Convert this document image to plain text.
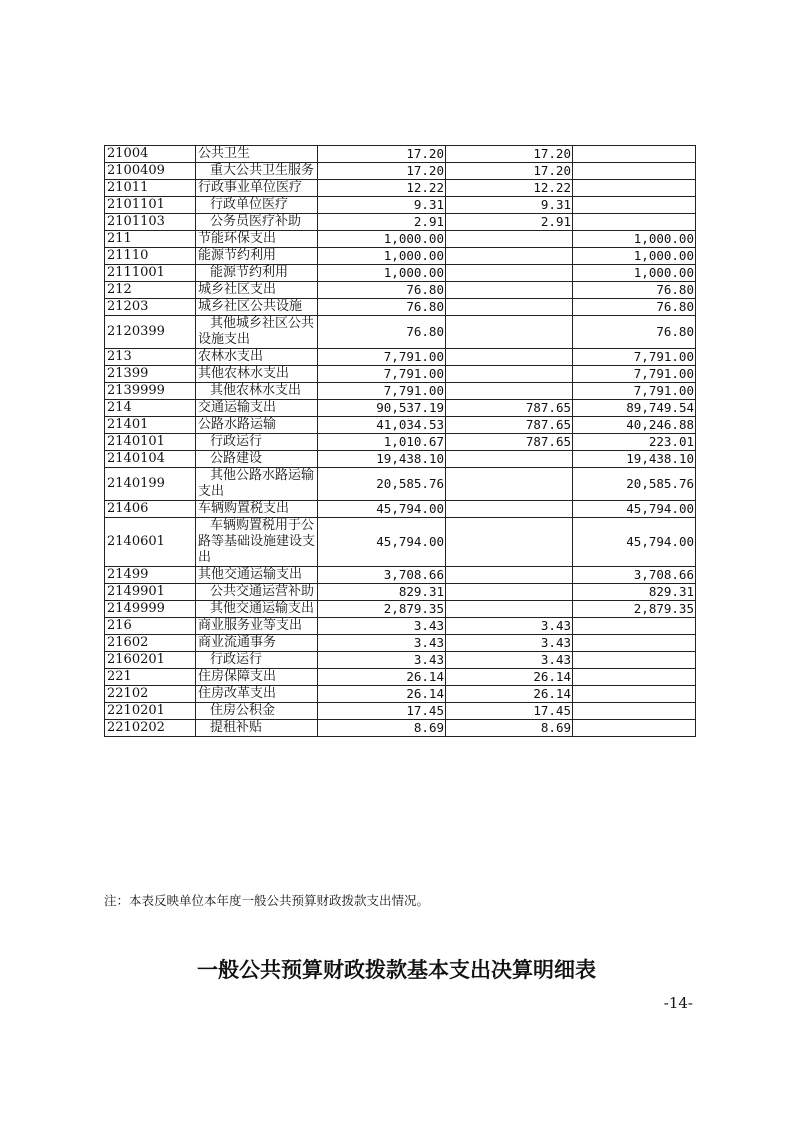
21004	公共卫生	17.20	17.20	
2100409	重大公共卫生服务	17.20	17.20	
21011	行政事业单位医疗	12.22	12.22	
2101101	行政单位医疗	9.31	9.31	
2101103	公务员医疗补助	2.91	2.91	
211	节能环保支出	1,000.00		1,000.00
21110	能源节约利用	1,000.00		1,000.00
2111001	能源节约利用	1,000.00		1,000.00
212	城乡社区支出	76.80		76.80
21203	城乡社区公共设施	76.80		76.80
2120399	其他城乡社区公共设施支出	76.80		76.80
213	农林水支出	7,791.00		7,791.00
21399	其他农林水支出	7,791.00		7,791.00
2139999	其他农林水支出	7,791.00		7,791.00
214	交通运输支出	90,537.19	787.65	89,749.54
21401	公路水路运输	41,034.53	787.65	40,246.88
2140101	行政运行	1,010.67	787.65	223.01
2140104	公路建设	19,438.10		19,438.10
2140199	其他公路水路运输支出	20,585.76		20,585.76
21406	车辆购置税支出	45,794.00		45,794.00
2140601	车辆购置税用于公路等基础设施建设支出	45,794.00		45,794.00
21499	其他交通运输支出	3,708.66		3,708.66
2149901	公共交通运营补助	829.31		829.31
2149999	其他交通运输支出	2,879.35		2,879.35
216	商业服务业等支出	3.43	3.43	
21602	商业流通事务	3.43	3.43	
2160201	行政运行	3.43	3.43	
221	住房保障支出	26.14	26.14	
22102	住房改革支出	26.14	26.14	
2210201	住房公积金	17.45	17.45	
2210202	提租补贴	8.69	8.69	

注：本表反映单位本年度一般公共预算财政拨款支出情况。

一般公共预算财政拨款基本支出决算明细表

-14-
